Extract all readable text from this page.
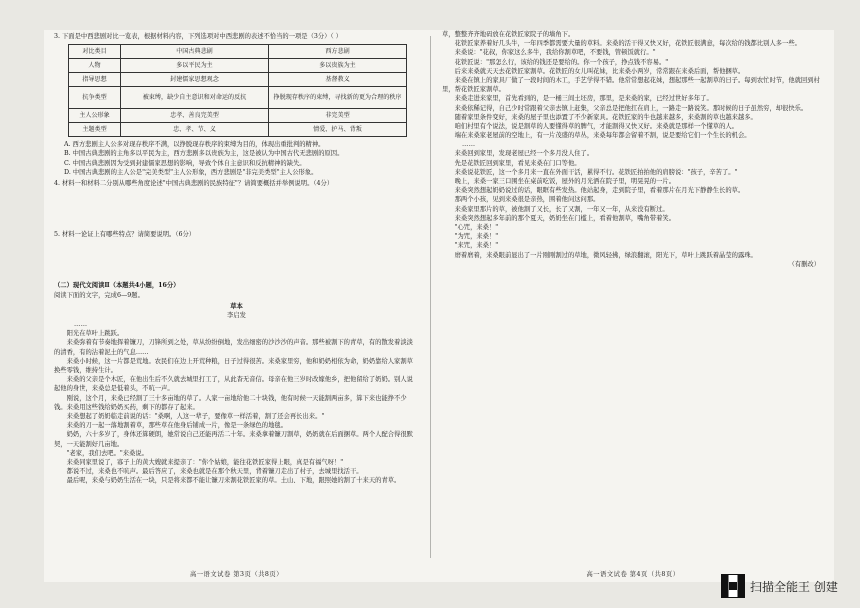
3. 下面是中西悲剧对比一览表，根据材料内容，下列选项对中西悲剧的表述不恰当的一项是（3分）（ ）

对比类目	中国古典悲剧	西方悲剧
人物	多以平民为主	多以贵族为主
指导思想	封建儒家思想观念	基督教义
抗争类型	被束缚，缺少自主意识和对命运的反抗	挣脱现存秩序的束缚，寻找新的更为合理的秩序
主人公形象	忠孝、善良完美型	非完美型
主题类型	忠、孝、节、义	情爱、护马、背叛

A. 西方悲剧主人公多对现存秩序不满，以挣脱现存秩序的束缚为目的，体现出重批判的精神。

B. 中国古典悲剧的主角多以平民为主，西方悲剧多以贵族为主，这是被认为中国古代无悲剧的原因。

C. 中国古典悲剧因为受到封建儒家思想的影响，导致个体自主意识和反抗精神的缺失。

D. 中国古典悲剧的主人公是"完美类型"主人公形象，西方悲剧是"非完美类型"主人公形象。

4. 材料一和材料二分别从哪些角度论述"中国古典悲剧的民族特征"？请简要概括并举例说明。（4分）

5. 材料一论证上有哪些特点？请简要说明。（6分）

（二）现代文阅读Ⅱ（本题共4小题，16分）

阅读下面的文字，完成6—9题。

草本

李启发

……

阳光在草叶上跳跃。

来桑弥着有节奏地挥着镰刀，刀锋所到之处，草从纷纷倒地，发出细密的沙沙沙的声音。那些被割下的青草，有的散发着淡淡的清香，有的沾着泥土的气息……

来桑小时候，这一片都是荒地。农民们在边上开荒种粮，日子过得很苦。来桑家里穷，他和奶奶相依为命，奶奶靠给人家割草换些零钱，维持生计。

来桑的父亲是个木匠，在他出生后不久就去城里打工了，从此杳无音信。母亲在他三岁时改嫁他乡，把他留给了奶奶。别人说起他的身世，来桑总是低着头，不吭一声。

刚说，这个月，来桑已经割了三十多亩地的草了。人家一亩地给他二十块钱，他有时候一天能割两亩多，算下来也能挣不少钱。来桑用这些钱给奶奶买药，剩下的都存了起来。

来桑想起了奶奶临走前说的话："桑啊，人这一辈子，要像草一样活着，割了还会再长出来。"

来桑的刀一起一落地割着草，那些草在他身后铺成一片，像是一条绿色的地毯。

奶奶，六十多岁了，身体还算硬朗，她常说自己还能再活二十年。来桑拿着镰刀割草，奶奶就在后面捆草。两个人配合得很默契，一天能割好几亩地。

"老家，我们去吧。"来桑说。

来桑同家里说了，寡子上的黄大嫂就来提亲了："你个姑娘，能往花铁匠家得上眼，真是有福气呀！"

都说不过，来桑也不吭声。最后答应了，来桑也就是在那个秋天里，背着镰刀走出了村子，去城里找活干。

最后呢，来桑与奶奶生活在一块，只是将来都不能让镰刀来割花铁匠家的草。土山、下地，跟照她的割了十来天的青草。

高一语文试卷 第3页（共8页）

草，整整齐齐地码放在花铁匠家院子的墙角下。

花铁匠家养着好几头牛，一年四季都需要大量的草料。来桑的活干得又快又好，花铁匠很满意，每次给的钱都比别人多一些。

来桑说："花叔，你家这么多牛，我给你割草吧，不要钱，管顿饭就行。"

花铁匠说："那怎么行，该给的钱还是要给的。你一个孩子，挣点钱不容易。"

后来来桑就天天去花铁匠家割草。花铁匠的女儿叫花妹，比来桑小两岁，常常跟在来桑后面，帮他捆草。

来桑在镇上的家具厂做了一段时间的木工，手艺学得不错。他常常想起花妹，想起那些一起割草的日子。每到农忙时节，他就回到村里，帮花铁匠家割草。

来桑走进来家里，首先看到的，是一桶三间土坯房，那里，是来桑的家，已经过世好多年了。

来桑依稀记得，自己少时常跟着父亲去镇上赶集，父亲总是把他扛在肩上，一路走一路说笑。那时候的日子虽然穷，却很快乐。

随着家里条件变好，来桑的屋子里也添置了不少新家具。花铁匠家的牛也越来越多，来桑割的草也越来越多。

咱们村里有个说法，说是割草的人要懂得草的脾气，才能割得又快又好。来桑就是那样一个懂草的人。

端在来桑家老屋前的空地上，有一片茂盛的草丛，来桑每年都会留着不割，说是要给它们一个生长的机会。

……

来桑回到家里，发现老屋已经一个多月没人住了。

先是花铁匠回到家里，看见来桑在门口等他。

来桑说花铁匠，这一个多月来一直在外面干活，累得不行。花铁匠拍拍他的肩膀说："孩子，辛苦了。"

晚上，来桑一家三口围坐在桌前吃饭，屋外的月光洒在院子里，明晃晃的一片。

来桑突然想起奶奶说过的话，眼眶有些发热。他站起身，走到院子里，看着那片在月光下静静生长的草。

那两个小孩，见到来桑很是亲热，围着他问这问那。

来桑家里那片的草，被他割了又长，长了又割，一年又一年，从来没有断过。

来桑突然想起多年前的那个夏天，奶奶坐在门槛上，看着他割草，嘴角带着笑。

"心咒，来桑！"

"为咒，来桑！"

"来咒，来桑！"

磨着磨着，来桑眼前显出了一片刚刚割过的草地，微风轻拂，绿浪翻滚，阳光下，草叶上跳跃着晶莹的露珠。

（有删改）

高一语文试卷 第4页（共8页）
扫描全能王 创建
